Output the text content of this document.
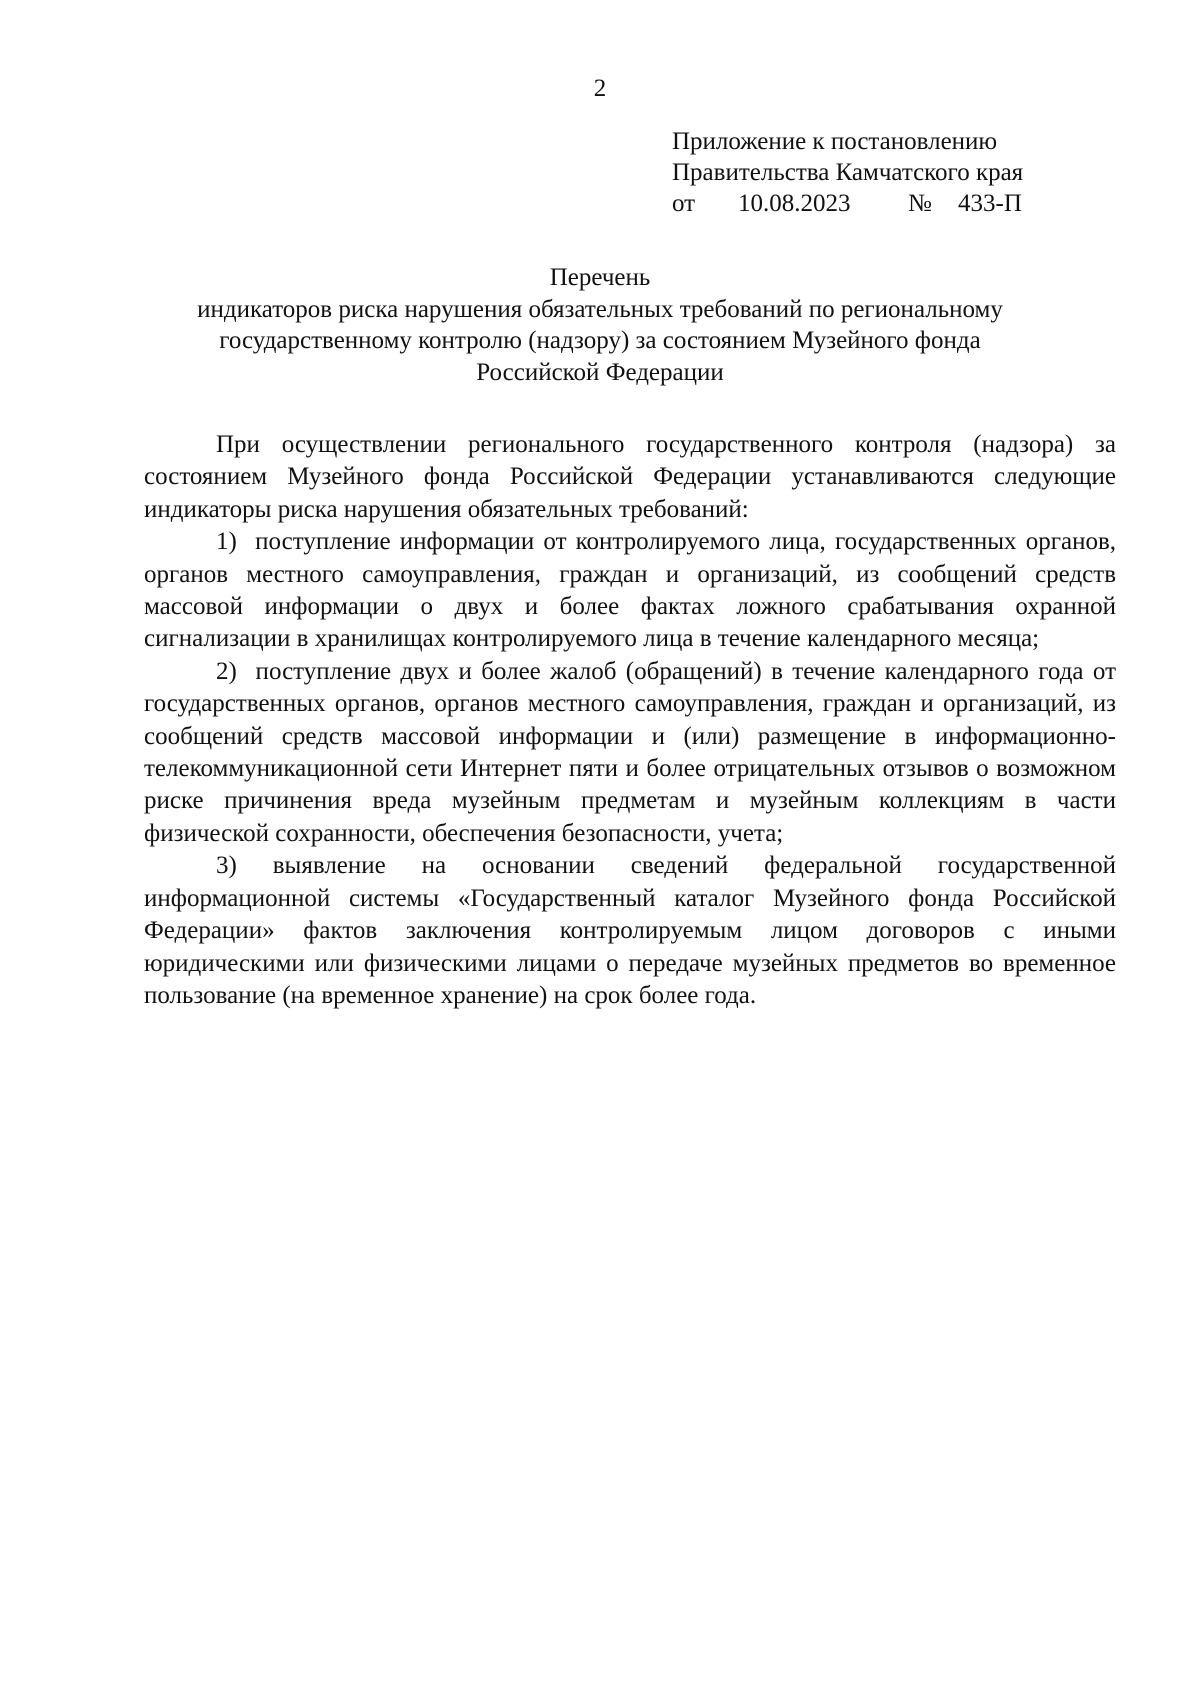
2
Приложение к постановлению
Правительства Камчатского края
от 10.08.2023 № 433-П
Перечень
индикаторов риска нарушения обязательных требований по региональному
государственному контролю (надзору) за состоянием Музейного фонда
Российской Федерации

При осуществлении регионального государственного контроля (надзора) за состоянием Музейного фонда Российской Федерации устанавливаются следующие индикаторы риска нарушения обязательных требований:

1)  поступление информации от контролируемого лица, государственных органов, органов местного самоуправления, граждан и организаций, из сообщений средств массовой информации о двух и более фактах ложного срабатывания охранной сигнализации в хранилищах контролируемого лица в течение календарного месяца;

2)  поступление двух и более жалоб (обращений) в течение календарного года от государственных органов, органов местного самоуправления, граждан и организаций, из сообщений средств массовой информации и (или) размещение в информационно-телекоммуникационной сети Интернет пяти и более отрицательных отзывов о возможном риске причинения вреда музейным предметам и музейным коллекциям в части физической сохранности, обеспечения безопасности, учета;

3) выявление на основании сведений федеральной государственной информационной системы «Государственный каталог Музейного фонда Российской Федерации» фактов заключения контролируемым лицом договоров с иными юридическими или физическими лицами о передаче музейных предметов во временное пользование (на временное хранение) на срок более года.
